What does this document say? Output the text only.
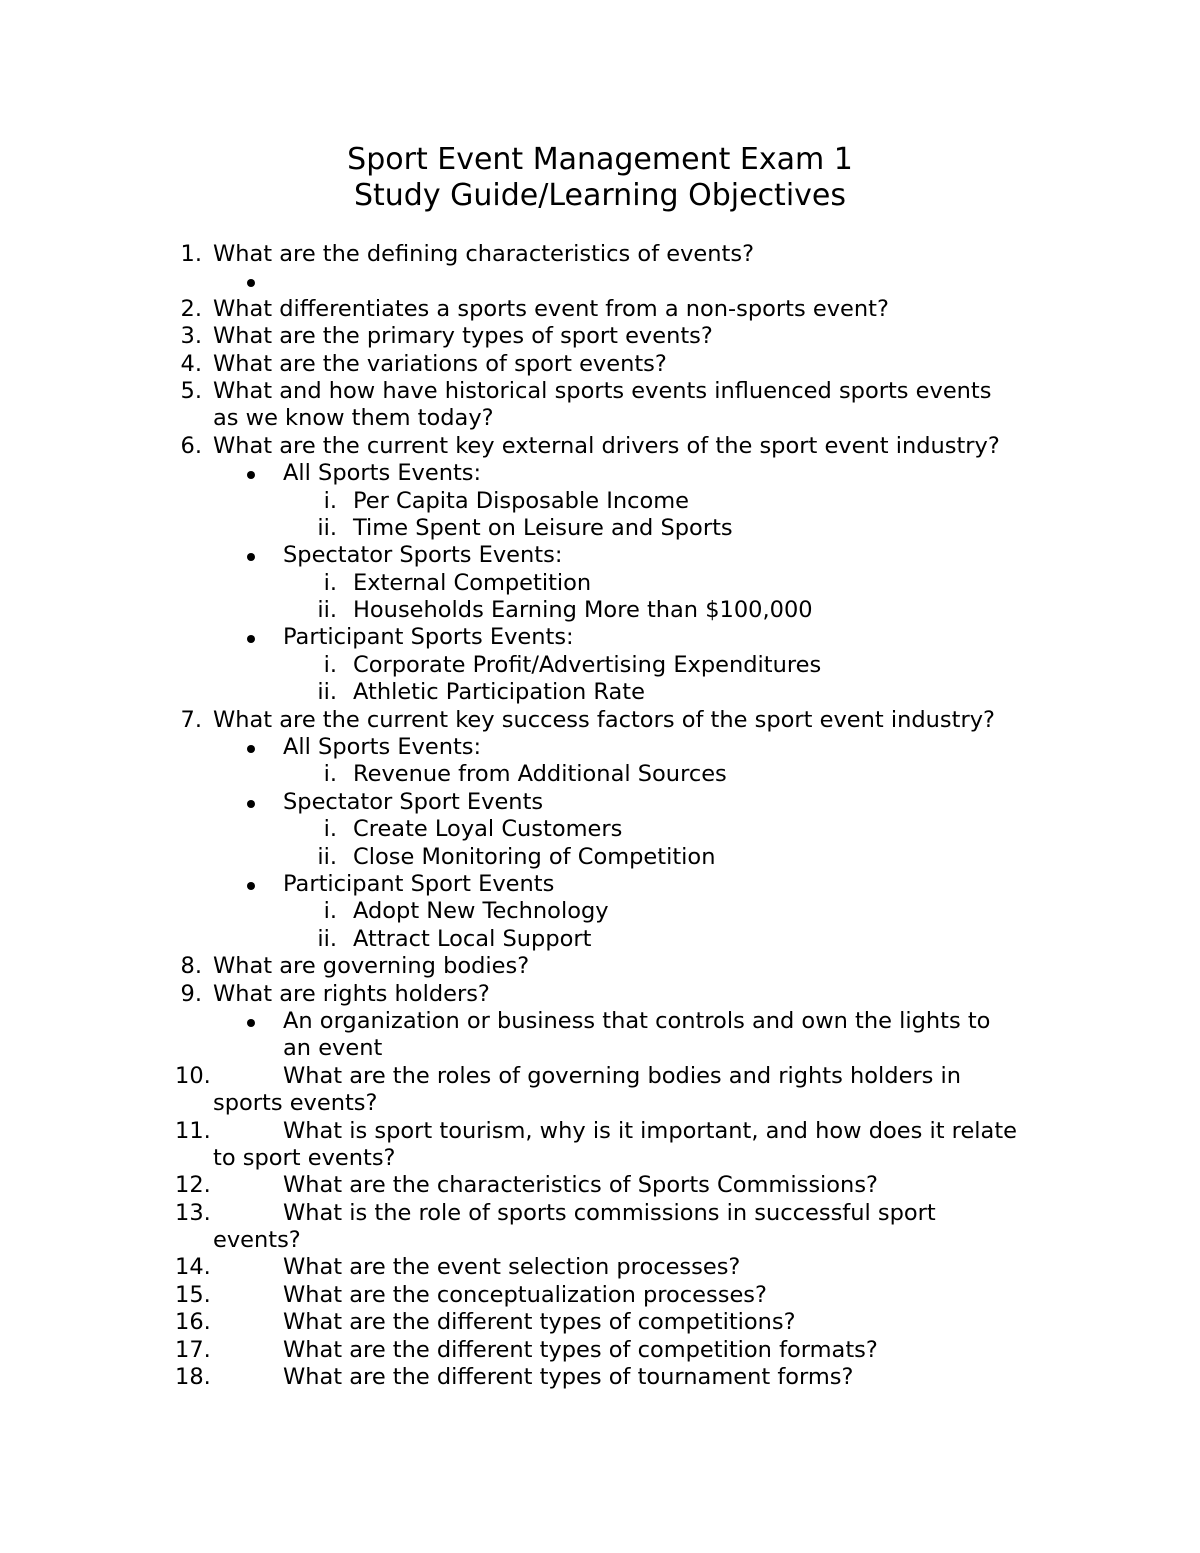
Sport Event Management Exam 1
Study Guide/Learning Objectives
1. What are the defining characteristics of events?
2. What differentiates a sports event from a non-sports event?
3. What are the primary types of sport events?
4. What are the variations of sport events?
5. What and how have historical sports events influenced sports events
as we know them today?
6. What are the current key external drivers of the sport event industry?
All Sports Events:
i. Per Capita Disposable Income
ii. Time Spent on Leisure and Sports
Spectator Sports Events:
i. External Competition
ii. Households Earning More than $100,000
Participant Sports Events:
i. Corporate Profit/Advertising Expenditures
ii. Athletic Participation Rate
7. What are the current key success factors of the sport event industry?
All Sports Events:
i. Revenue from Additional Sources
Spectator Sport Events
i. Create Loyal Customers
ii. Close Monitoring of Competition
Participant Sport Events
i. Adopt New Technology
ii. Attract Local Support
8. What are governing bodies?
9. What are rights holders?
An organization or business that controls and own the lights to
an event
10.	What are the roles of governing bodies and rights holders in
sports events?
11.	What is sport tourism, why is it important, and how does it relate
to sport events?
12.	What are the characteristics of Sports Commissions?
13.	What is the role of sports commissions in successful sport
events?
14.	What are the event selection processes?
15.	What are the conceptualization processes?
16.	What are the different types of competitions?
17.	What are the different types of competition formats?
18.	What are the different types of tournament forms?
